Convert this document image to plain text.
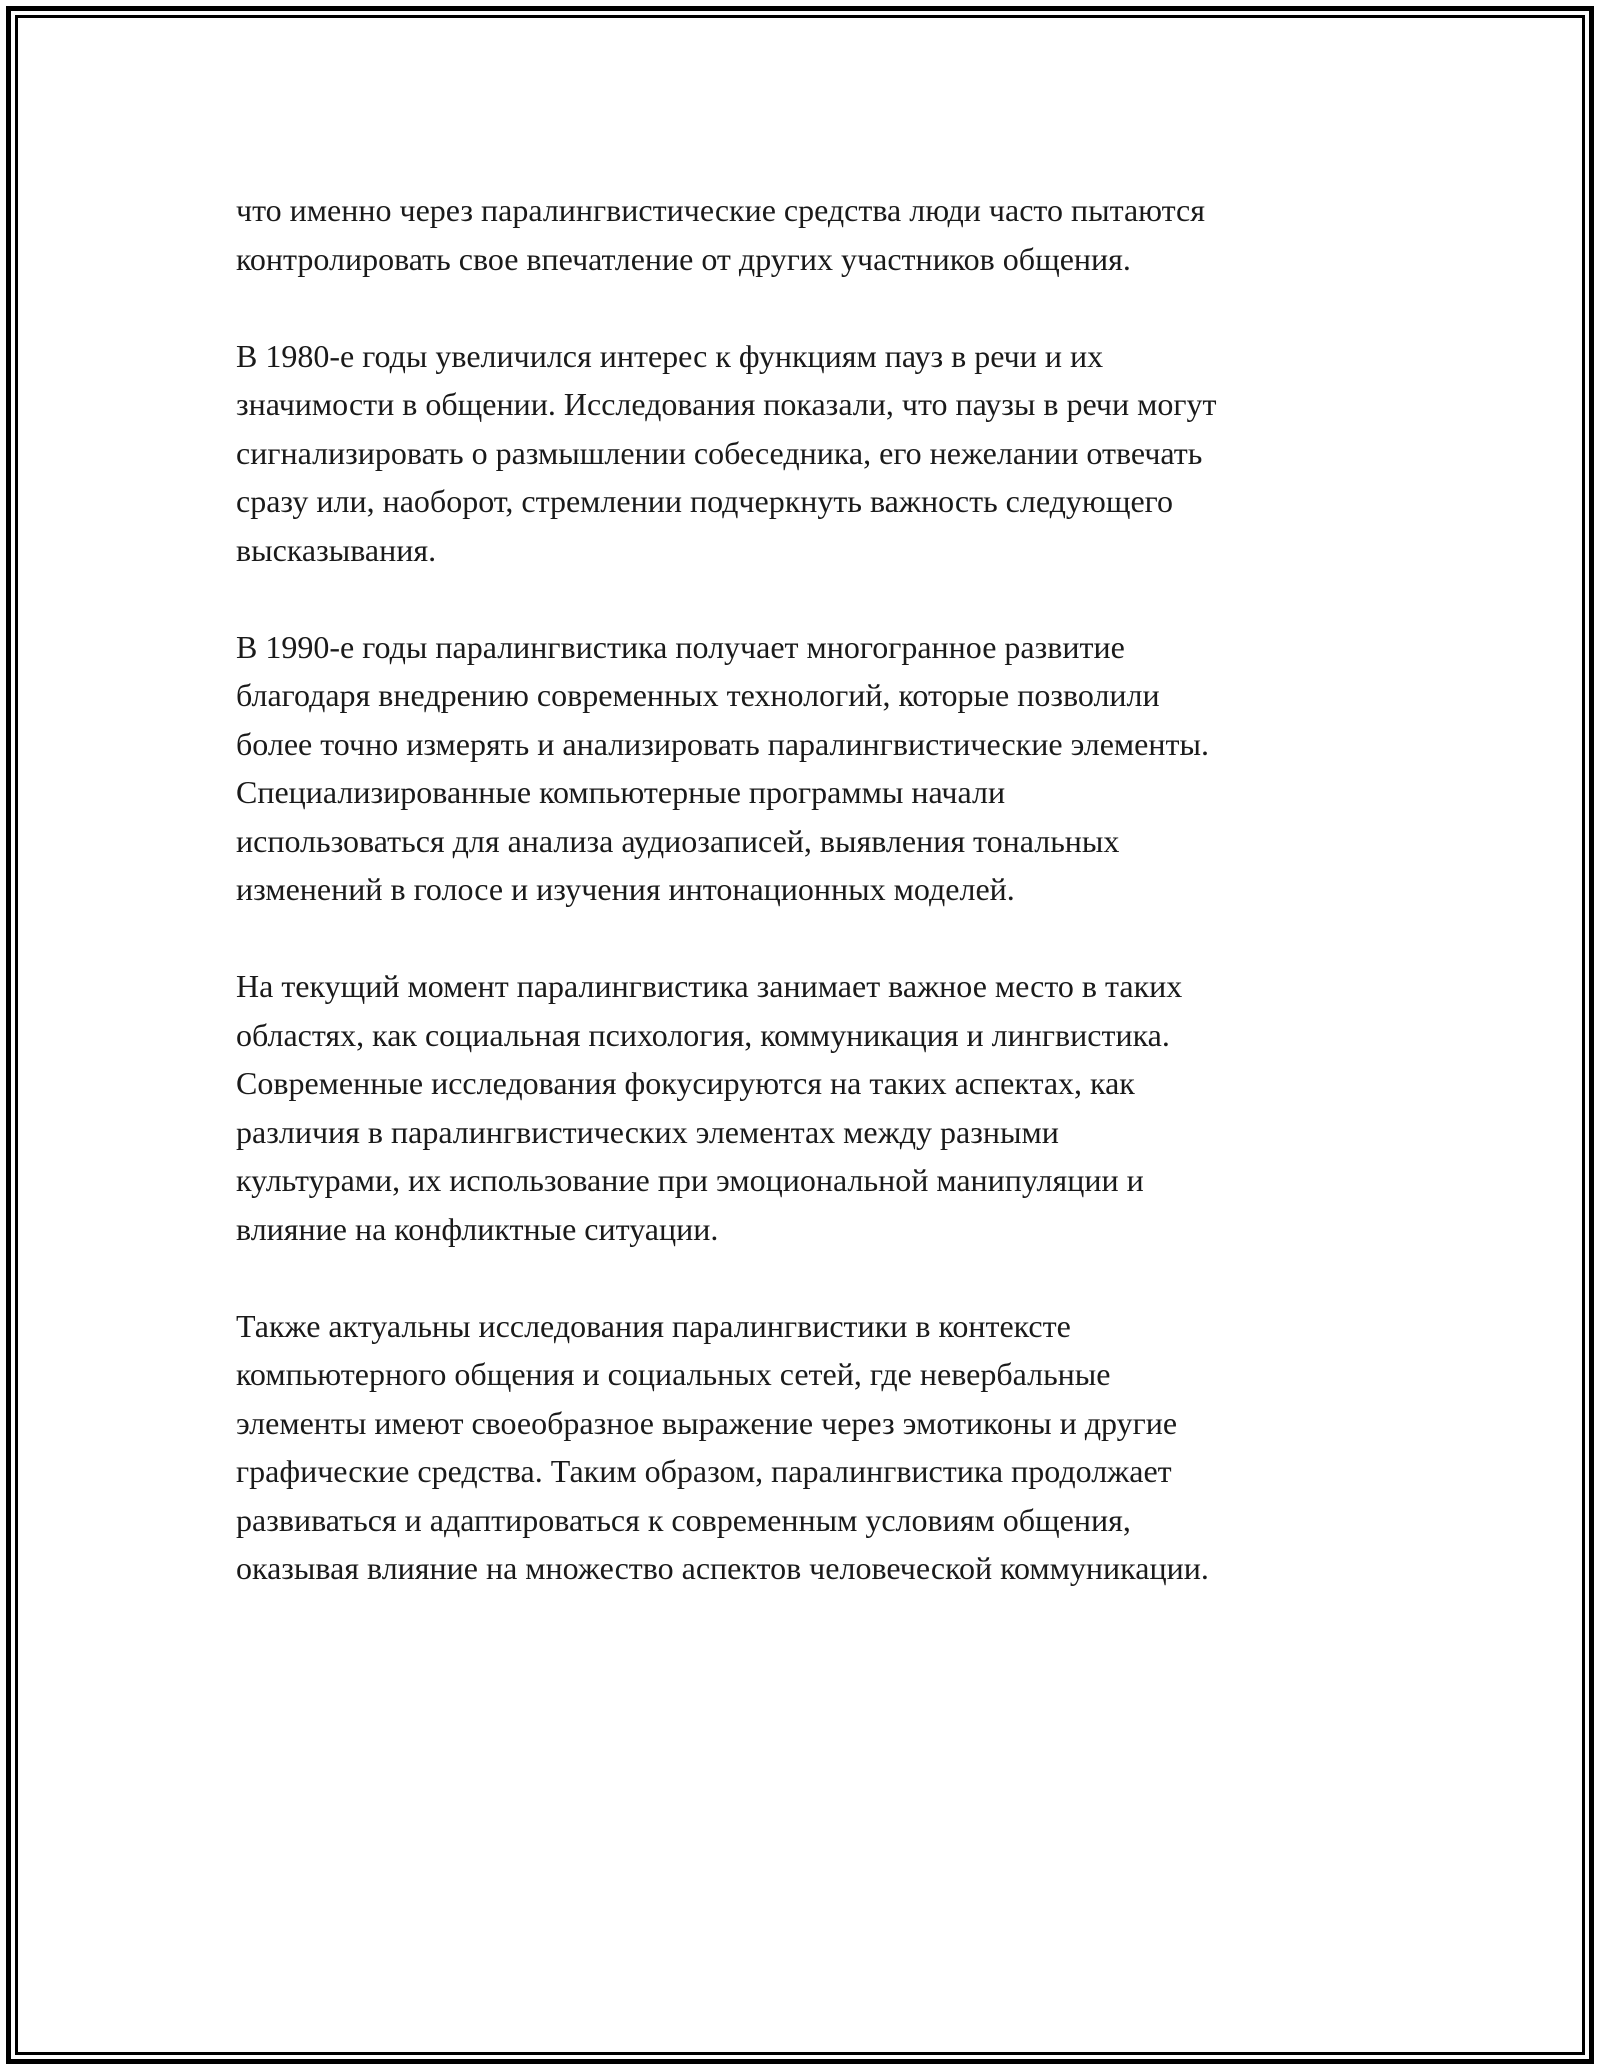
что именно через паралингвистические средства люди часто пытаются
контролировать свое впечатление от других участников общения.

В 1980-е годы увеличился интерес к функциям пауз в речи и их
значимости в общении. Исследования показали, что паузы в речи могут
сигнализировать о размышлении собеседника, его нежелании отвечать
сразу или, наоборот, стремлении подчеркнуть важность следующего
высказывания.

В 1990-е годы паралингвистика получает многогранное развитие
благодаря внедрению современных технологий, которые позволили
более точно измерять и анализировать паралингвистические элементы.
Специализированные компьютерные программы начали
использоваться для анализа аудиозаписей, выявления тональных
изменений в голосе и изучения интонационных моделей.

На текущий момент паралингвистика занимает важное место в таких
областях, как социальная психология, коммуникация и лингвистика.
Современные исследования фокусируются на таких аспектах, как
различия в паралингвистических элементах между разными
культурами, их использование при эмоциональной манипуляции и
влияние на конфликтные ситуации.

Также актуальны исследования паралингвистики в контексте
компьютерного общения и социальных сетей, где невербальные
элементы имеют своеобразное выражение через эмотиконы и другие
графические средства. Таким образом, паралингвистика продолжает
развиваться и адаптироваться к современным условиям общения,
оказывая влияние на множество аспектов человеческой коммуникации.
